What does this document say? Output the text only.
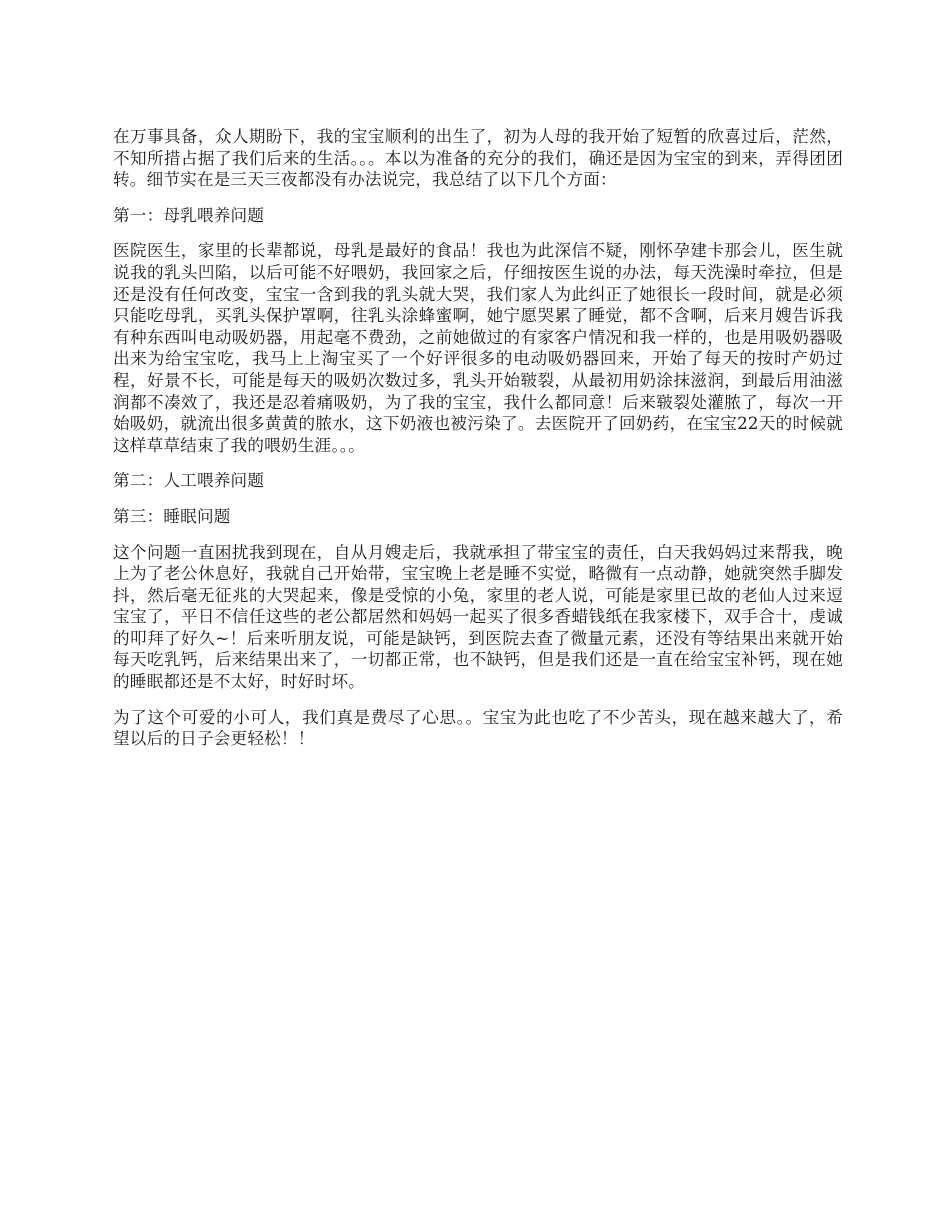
在万事具备，众人期盼下，我的宝宝顺利的出生了，初为人母的我开始了短暂的欣喜过后，茫然，不知所措占据了我们后来的生活。。。本以为准备的充分的我们，确还是因为宝宝的到来，弄得团团转。细节实在是三天三夜都没有办法说完，我总结了以下几个方面：

第一：母乳喂养问题

医院医生，家里的长辈都说，母乳是最好的食品！我也为此深信不疑，刚怀孕建卡那会儿，医生就说我的乳头凹陷，以后可能不好喂奶，我回家之后，仔细按医生说的办法，每天洗澡时牵拉，但是还是没有任何改变，宝宝一含到我的乳头就大哭，我们家人为此纠正了她很长一段时间，就是必须只能吃母乳，买乳头保护罩啊，往乳头涂蜂蜜啊，她宁愿哭累了睡觉，都不含啊，后来月嫂告诉我有种东西叫电动吸奶器，用起毫不费劲，之前她做过的有家客户情况和我一样的，也是用吸奶器吸出来为给宝宝吃，我马上上淘宝买了一个好评很多的电动吸奶器回来，开始了每天的按时产奶过程，好景不长，可能是每天的吸奶次数过多，乳头开始皲裂，从最初用奶涂抹滋润，到最后用油滋润都不凑效了，我还是忍着痛吸奶，为了我的宝宝，我什么都同意！后来皲裂处灌脓了，每次一开始吸奶，就流出很多黄黄的脓水，这下奶液也被污染了。去医院开了回奶药，在宝宝22天的时候就这样草草结束了我的喂奶生涯。。。

第二：人工喂养问题

第三：睡眠问题

这个问题一直困扰我到现在，自从月嫂走后，我就承担了带宝宝的责任，白天我妈妈过来帮我，晚上为了老公休息好，我就自己开始带，宝宝晚上老是睡不实觉，略微有一点动静，她就突然手脚发抖，然后毫无征兆的大哭起来，像是受惊的小兔，家里的老人说，可能是家里已故的老仙人过来逗宝宝了，平日不信任这些的老公都居然和妈妈一起买了很多香蜡钱纸在我家楼下，双手合十，虔诚的叩拜了好久~！后来听朋友说，可能是缺钙，到医院去查了微量元素，还没有等结果出来就开始每天吃乳钙，后来结果出来了，一切都正常，也不缺钙，但是我们还是一直在给宝宝补钙，现在她的睡眠都还是不太好，时好时坏。

为了这个可爱的小可人，我们真是费尽了心思。。宝宝为此也吃了不少苦头，现在越来越大了，希望以后的日子会更轻松！！
